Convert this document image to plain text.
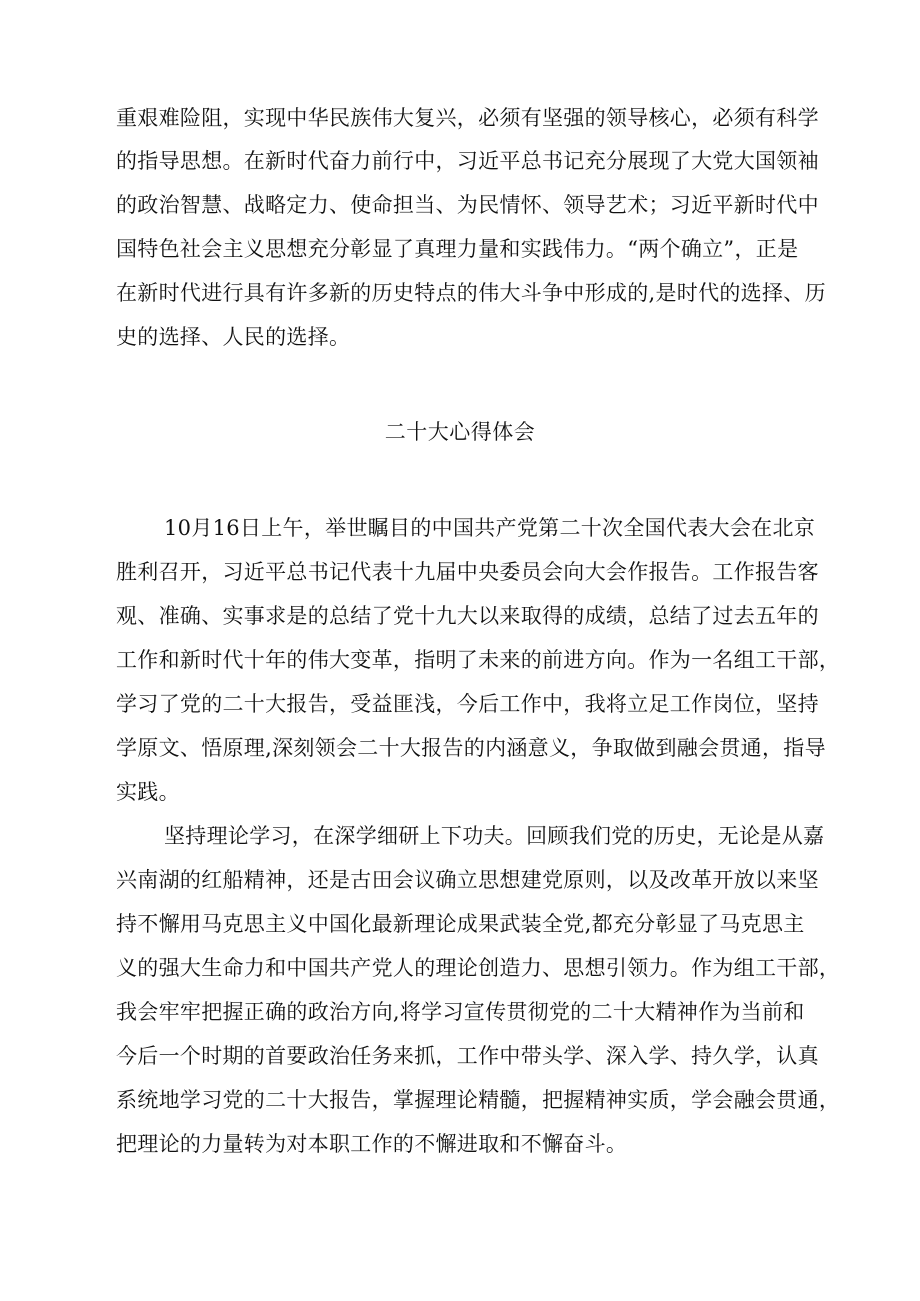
重艰难险阻，实现中华民族伟大复兴，必须有坚强的领导核心，必须有科学
的指导思想。在新时代奋力前行中，习近平总书记充分展现了大党大国领袖
的政治智慧、战略定力、使命担当、为民情怀、领导艺术；习近平新时代中
国特色社会主义思想充分彰显了真理力量和实践伟力。“两个确立”，正是
在新时代进行具有许多新的历史特点的伟大斗争中形成的,是时代的选择、历
史的选择、人民的选择。
二十大心得体会
10月16日上午，举世瞩目的中国共产党第二十次全国代表大会在北京
胜利召开，习近平总书记代表十九届中央委员会向大会作报告。工作报告客
观、准确、实事求是的总结了党十九大以来取得的成绩，总结了过去五年的
工作和新时代十年的伟大变革，指明了未来的前进方向。作为一名组工干部，
学习了党的二十大报告，受益匪浅，今后工作中，我将立足工作岗位，坚持
学原文、悟原理,深刻领会二十大报告的内涵意义，争取做到融会贯通，指导
实践。
坚持理论学习，在深学细研上下功夫。回顾我们党的历史，无论是从嘉
兴南湖的红船精神，还是古田会议确立思想建党原则，以及改革开放以来坚
持不懈用马克思主义中国化最新理论成果武装全党,都充分彰显了马克思主
义的强大生命力和中国共产党人的理论创造力、思想引领力。作为组工干部，
我会牢牢把握正确的政治方向,将学习宣传贯彻党的二十大精神作为当前和
今后一个时期的首要政治任务来抓，工作中带头学、深入学、持久学，认真
系统地学习党的二十大报告，掌握理论精髓，把握精神实质，学会融会贯通，
把理论的力量转为对本职工作的不懈进取和不懈奋斗。
